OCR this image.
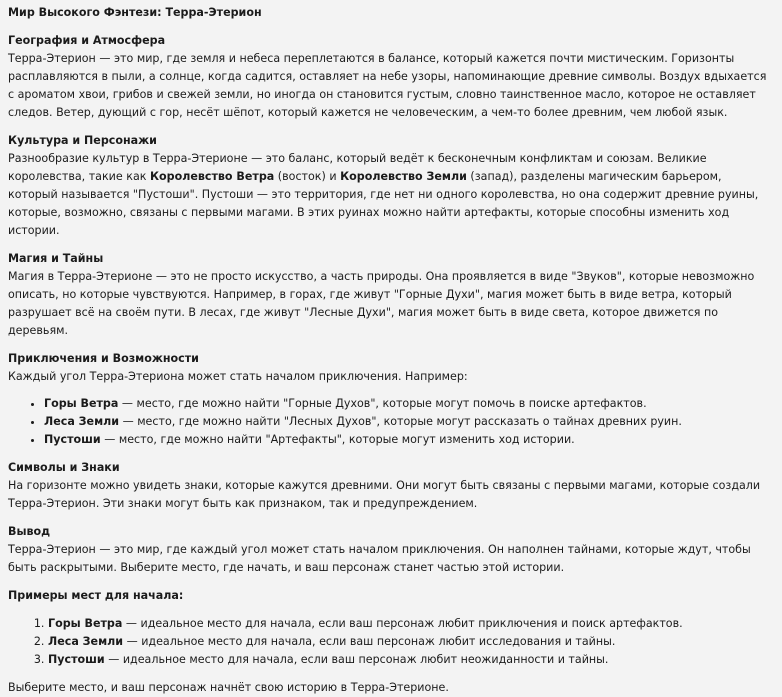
Мир Высокого Фэнтези: Терра-Этерион
География и Атмосфера

Терра-Этерион — это мир, где земля и небеса переплетаются в балансе, который кажется почти мистическим. Горизонты расплавляются в пыли, а солнце, когда садится, оставляет на небе узоры, напоминающие древние символы. Воздух вдыхается с ароматом хвои, грибов и свежей земли, но иногда он становится густым, словно таинственное масло, которое не оставляет следов. Ветер, дующий с гор, несёт шёпот, который кажется не человеческим, а чем-то более древним, чем любой язык.

Культура и Персонажи

Разнообразие культур в Терра-Этерионе — это баланс, который ведёт к бесконечным конфликтам и союзам. Великие королевства, такие как Королевство Ветра (восток) и Королевство Земли (запад), разделены магическим барьером, который называется "Пустоши". Пустоши — это территория, где нет ни одного королевства, но она содержит древние руины, которые, возможно, связаны с первыми магами. В этих руинах можно найти артефакты, которые способны изменить ход истории.

Магия и Тайны

Магия в Терра-Этерионе — это не просто искусство, а часть природы. Она проявляется в виде "Звуков", которые невозможно описать, но которые чувствуются. Например, в горах, где живут "Горные Духи", магия может быть в виде ветра, который разрушает всё на своём пути. В лесах, где живут "Лесные Духи", магия может быть в виде света, которое движется по деревьям.

Приключения и Возможности

Каждый угол Терра-Этериона может стать началом приключения. Например:

• Горы Ветра — место, где можно найти "Горные Духов", которые могут помочь в поиске артефактов.
• Леса Земли — место, где можно найти "Лесных Духов", которые могут рассказать о тайнах древних руин.
• Пустоши — место, где можно найти "Артефакты", которые могут изменить ход истории.
Символы и Знаки

На горизонте можно увидеть знаки, которые кажутся древними. Они могут быть связаны с первыми магами, которые создали Терра-Этерион. Эти знаки могут быть как признаком, так и предупреждением.

Вывод

Терра-Этерион — это мир, где каждый угол может стать началом приключения. Он наполнен тайнами, которые ждут, чтобы быть раскрытыми. Выберите место, где начать, и ваш персонаж станет частью этой истории.

Примеры мест для начала:
1. Горы Ветра — идеальное место для начала, если ваш персонаж любит приключения и поиск артефактов.
2. Леса Земли — идеальное место для начала, если ваш персонаж любит исследования и тайны.
3. Пустоши — идеальное место для начала, если ваш персонаж любит неожиданности и тайны.

Выберите место, и ваш персонаж начнёт свою историю в Терра-Этерионе.
